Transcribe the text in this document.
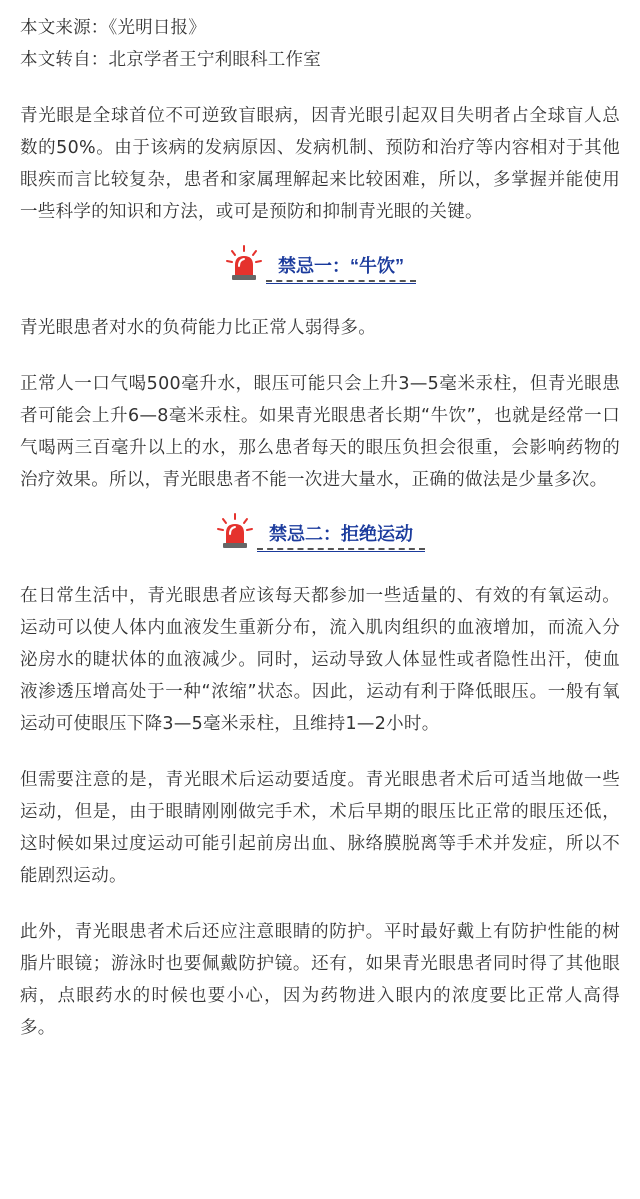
本文来源：《光明日报》

本文转自：北京学者王宁利眼科工作室

青光眼是全球首位不可逆致盲眼病，因青光眼引起双目失明者占全球盲人总数的50%。由于该病的发病原因、发病机制、预防和治疗等内容相对于其他眼疾而言比较复杂，患者和家属理解起来比较困难，所以，多掌握并能使用一些科学的知识和方法，或可是预防和抑制青光眼的关键。

禁忌一：“牛饮”

青光眼患者对水的负荷能力比正常人弱得多。

正常人一口气喝500毫升水，眼压可能只会上升3—5毫米汞柱，但青光眼患者可能会上升6—8毫米汞柱。如果青光眼患者长期“牛饮”，也就是经常一口气喝两三百毫升以上的水，那么患者每天的眼压负担会很重，会影响药物的治疗效果。所以，青光眼患者不能一次进大量水，正确的做法是少量多次。

禁忌二：拒绝运动

在日常生活中，青光眼患者应该每天都参加一些适量的、有效的有氧运动。运动可以使人体内血液发生重新分布，流入肌肉组织的血液增加，而流入分泌房水的睫状体的血液减少。同时，运动导致人体显性或者隐性出汗，使血液渗透压增高处于一种“浓缩”状态。因此，运动有利于降低眼压。一般有氧运动可使眼压下降3—5毫米汞柱，且维持1—2小时。

但需要注意的是，青光眼术后运动要适度。青光眼患者术后可适当地做一些运动，但是，由于眼睛刚刚做完手术，术后早期的眼压比正常的眼压还低，这时候如果过度运动可能引起前房出血、脉络膜脱离等手术并发症，所以不能剧烈运动。

此外，青光眼患者术后还应注意眼睛的防护。平时最好戴上有防护性能的树脂片眼镜；游泳时也要佩戴防护镜。还有，如果青光眼患者同时得了其他眼病，点眼药水的时候也要小心，因为药物进入眼内的浓度要比正常人高得多。
